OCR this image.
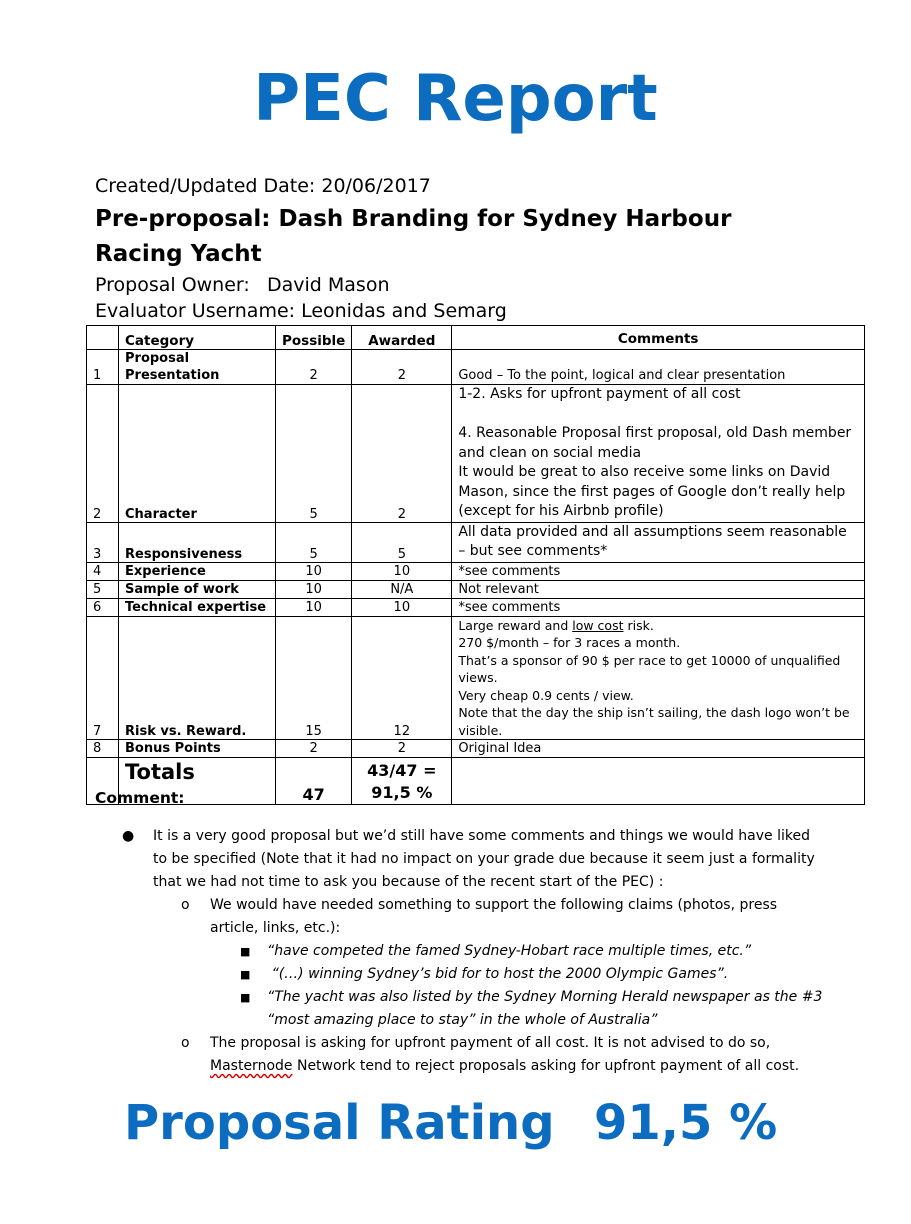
PEC Report
Created/Updated Date: 20/06/2017
Pre-proposal: Dash Branding for Sydney Harbour Racing Yacht
Proposal Owner: David Mason
Evaluator Username: Leonidas and Semarg
	Category	Possible	Awarded	Comments
1	Proposal Presentation	2	2	Good – To the point, logical and clear presentation
2	Character	5	2	1-2. Asks for upfront payment of all cost
4. Reasonable Proposal first proposal, old Dash member and clean on social media
It would be great to also receive some links on David Mason, since the first pages of Google don’t really help (except for his Airbnb profile)

3	Responsiveness	5	5	All data provided and all assumptions seem reasonable – but see comments*
4	Experience	10	10	*see comments
5	Sample of work	10	N/A	Not relevant
6	Technical expertise	10	10	*see comments
7	Risk vs. Reward.	15	12	Large reward and low cost risk.
270 $/month – for 3 races a month.
That’s a sponsor of 90 $ per race to get 10000 of unqualified views.
Very cheap 0.9 cents / view.
Note that the day the ship isn’t sailing, the dash logo won’t be visible.

8	Bonus Points	2	2	Original Idea
	Totals	47	43/47 =
91,5 %	

Comment:
● It is a very good proposal but we’d still have some comments and things we would have liked to be specified (Note that it had no impact on your grade due because it seem just a formality that we had not time to ask you because of the recent start of the PEC) :
o We would have needed something to support the following claims (photos, press article, links, etc.):
■ “have competed the famed Sydney-Hobart race multiple times, etc.”
■ “(…) winning Sydney’s bid for to host the 2000 Olympic Games”.
■ “The yacht was also listed by the Sydney Morning Herald newspaper as the #3 “most amazing place to stay” in the whole of Australia”
o The proposal is asking for upfront payment of all cost. It is not advised to do so, Masternode Network tend to reject proposals asking for upfront payment of all cost.
Proposal Rating 91,5 %
